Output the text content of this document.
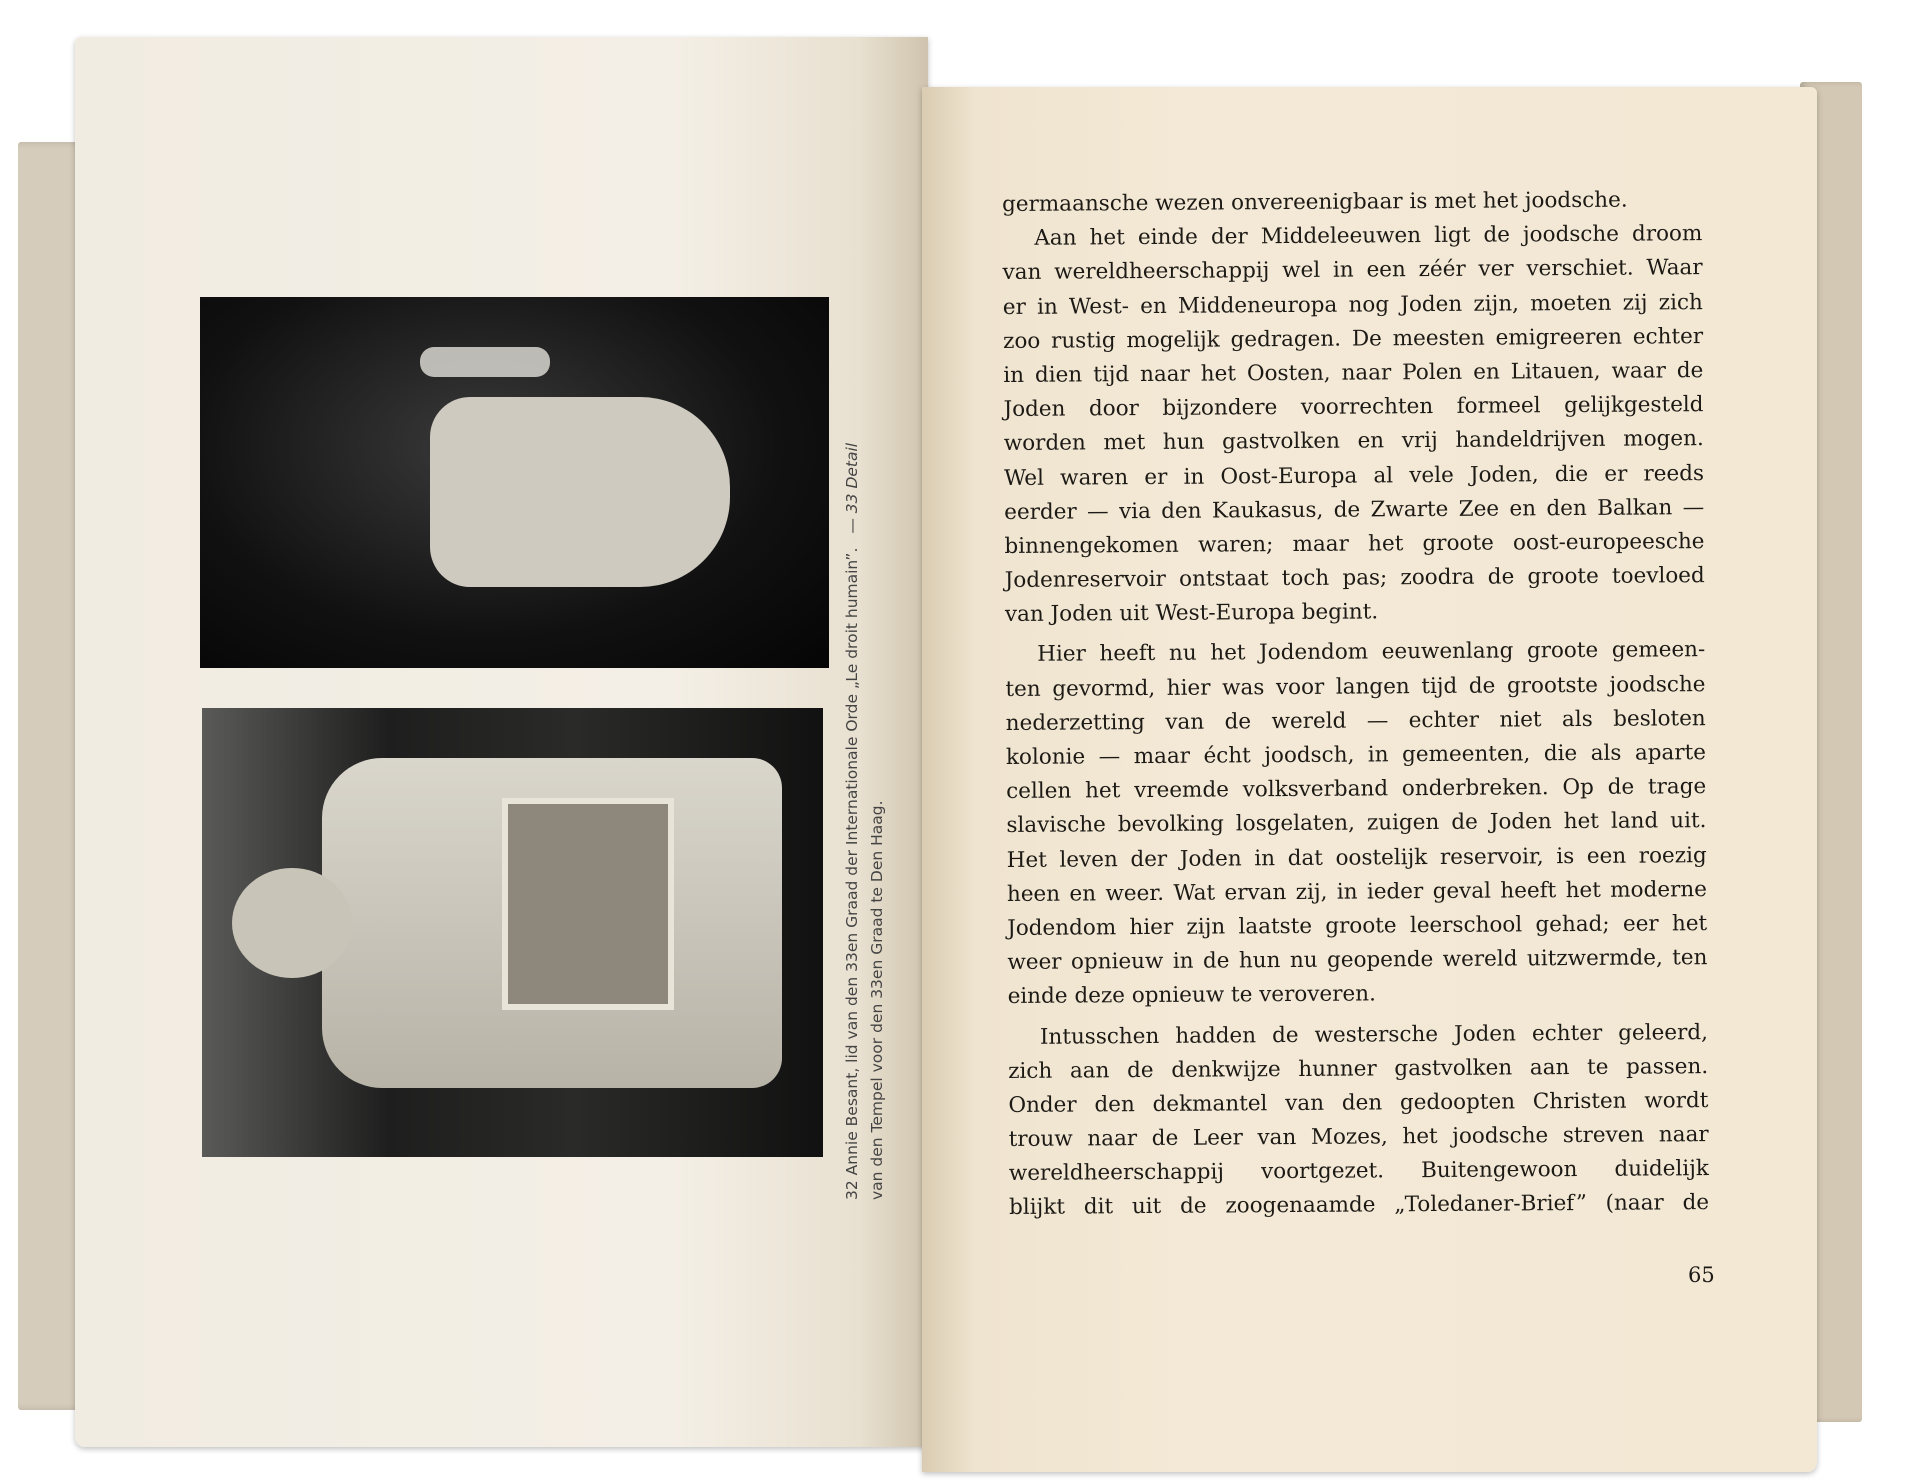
32 Annie Besant, lid van den 33en Graad der Internationale Orde „Le droit humain”.
— 33 Detail
van den Tempel voor den 33en Graad te Den Haag.
germaansche wezen onvereenigbaar is met het joodsche.
Aan het einde der Middeleeuwen ligt de joodsche droom
van wereldheerschappij wel in een zéér ver verschiet. Waar
er in West- en Middeneuropa nog Joden zijn, moeten zij zich
zoo rustig mogelijk gedragen. De meesten emigreeren echter
in dien tijd naar het Oosten, naar Polen en Litauen, waar de
Joden door bijzondere voorrechten formeel gelijkgesteld
worden met hun gastvolken en vrij handeldrijven mogen.
Wel waren er in Oost-Europa al vele Joden, die er reeds
eerder — via den Kaukasus, de Zwarte Zee en den Balkan —
binnengekomen waren; maar het groote oost-europeesche
Jodenreservoir ontstaat toch pas; zoodra de groote toevloed
van Joden uit West-Europa begint.
Hier heeft nu het Jodendom eeuwenlang groote gemeen-
ten gevormd, hier was voor langen tijd de grootste joodsche
nederzetting van de wereld — echter niet als besloten
kolonie — maar écht joodsch, in gemeenten, die als aparte
cellen het vreemde volksverband onderbreken. Op de trage
slavische bevolking losgelaten, zuigen de Joden het land uit.
Het leven der Joden in dat oostelijk reservoir, is een roezig
heen en weer. Wat ervan zij, in ieder geval heeft het moderne
Jodendom hier zijn laatste groote leerschool gehad; eer het
weer opnieuw in de hun nu geopende wereld uitzwermde, ten
einde deze opnieuw te veroveren.
Intusschen hadden de westersche Joden echter geleerd,
zich aan de denkwijze hunner gastvolken aan te passen.
Onder den dekmantel van den gedoopten Christen wordt
trouw naar de Leer van Mozes, het joodsche streven naar
wereldheerschappij voortgezet. Buitengewoon duidelijk
blijkt dit uit de zoogenaamde „Toledaner-Brief” (naar de
65
